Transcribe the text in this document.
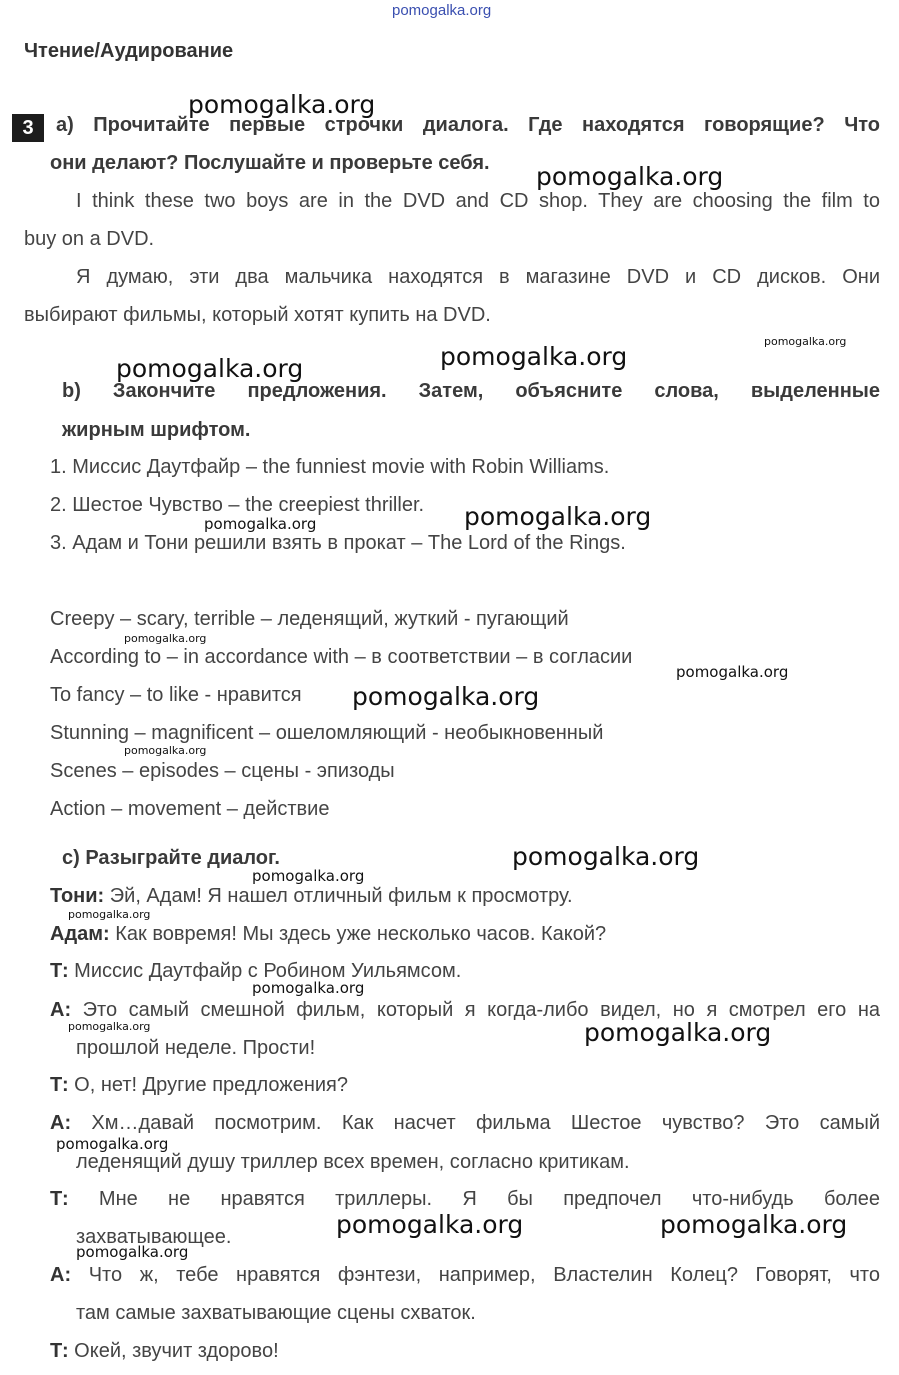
pomogalka.org
Чтение/Аудирование
3	a) Прочитайте первые строчки диалога. Где находятся говорящие? Что
они делают? Послушайте и проверьте себя.
I think these two boys are in the DVD and CD shop. They are choosing the film to
buy on a DVD.
Я думаю, эти два мальчика находятся в магазине DVD и CD дисков. Они
выбирают фильмы, который хотят купить на DVD.
b) Закончите предложения. Затем, объясните слова, выделенные
жирным шрифтом.
1. Миссис Даутфайр – the funniest movie with Robin Williams.
2. Шестое Чувство – the creepiest thriller.
3. Адам и Тони решили взять в прокат – The Lord of the Rings.
Creepy – scary, terrible – леденящий, жуткий - пугающий
According to – in accordance with – в соответствии – в согласии
To fancy – to like - нравится
Stunning – magnificent – ошеломляющий - необыкновенный
Scenes – episodes – сцены - эпизоды
Action – movement – действие
c) Разыграйте диалог.
Тони: Эй, Адам! Я нашел отличный фильм к просмотру.
Адам: Как вовремя! Мы здесь уже несколько часов. Какой?
Т: Миссис Даутфайр с Робином Уильямсом.
А: Это самый смешной фильм, который я когда-либо видел, но я смотрел его на
прошлой неделе. Прости!
Т: О, нет! Другие предложения?
А: Хм…давай посмотрим. Как насчет фильма Шестое чувство? Это самый
леденящий душу триллер всех времен, согласно критикам.
Т: Мне не нравятся триллеры. Я бы предпочел что-нибудь более
захватывающее.
А: Что ж, тебе нравятся фэнтези, например, Властелин Колец? Говорят, что
там самые захватывающие сцены схваток.
Т: Окей, звучит здорово!
pomogalka.org
pomogalka.org
pomogalka.org
pomogalka.org
pomogalka.org
pomogalka.org
pomogalka.org
pomogalka.org
pomogalka.org
pomogalka.org
pomogalka.org
pomogalka.org
pomogalka.org
pomogalka.org
pomogalka.org
pomogalka.org	pomogalka.org
pomogalka.org
pomogalka.org	pomogalka.org
pomogalka.org
